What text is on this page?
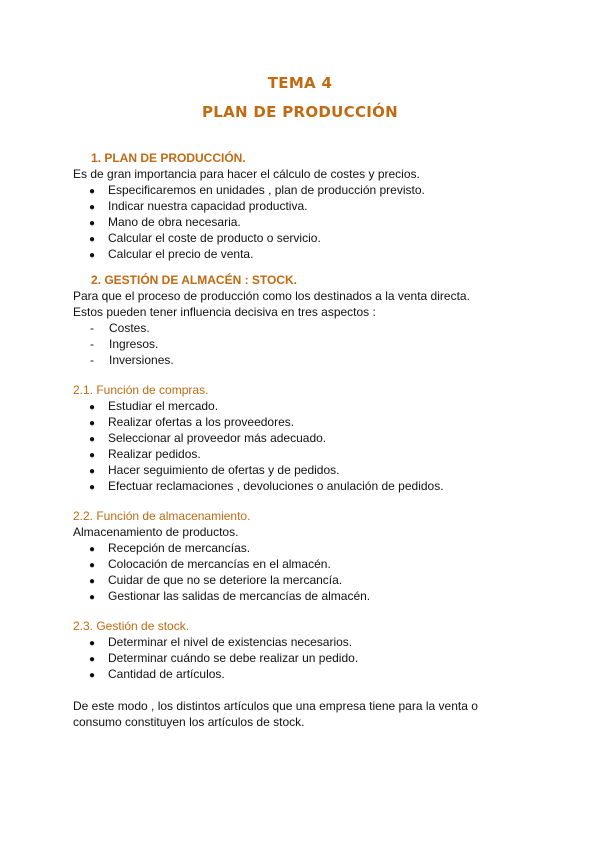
TEMA 4
PLAN DE PRODUCCIÓN
1. PLAN DE PRODUCCIÓN.
Es de gran importancia para hacer el cálculo de costes y precios.
● Especificaremos en unidades , plan de producción previsto.
● Indicar nuestra capacidad productiva.
● Mano de obra necesaria.
● Calcular el coste de producto o servicio.
● Calcular el precio de venta.
2. GESTIÓN DE ALMACÉN : STOCK.
Para que el proceso de producción como los destinados a la venta directa.
Estos pueden tener influencia decisiva en tres aspectos :
- Costes.
- Ingresos.
- Inversiones.
2.1. Función de compras.
● Estudiar el mercado.
● Realizar ofertas a los proveedores.
● Seleccionar al proveedor más adecuado.
● Realizar pedidos.
● Hacer seguimiento de ofertas y de pedidos.
● Efectuar reclamaciones , devoluciones o anulación de pedidos.
2.2. Función de almacenamiento.
Almacenamiento de productos.
● Recepción de mercancías.
● Colocación de mercancías en el almacén.
● Cuidar de que no se deteriore la mercancía.
● Gestionar las salidas de mercancías de almacén.
2.3. Gestión de stock.
● Determinar el nivel de existencias necesarios.
● Determinar cuándo se debe realizar un pedido.
● Cantidad de artículos.
De este modo , los distintos artículos que una empresa tiene para la venta o
consumo constituyen los artículos de stock.
